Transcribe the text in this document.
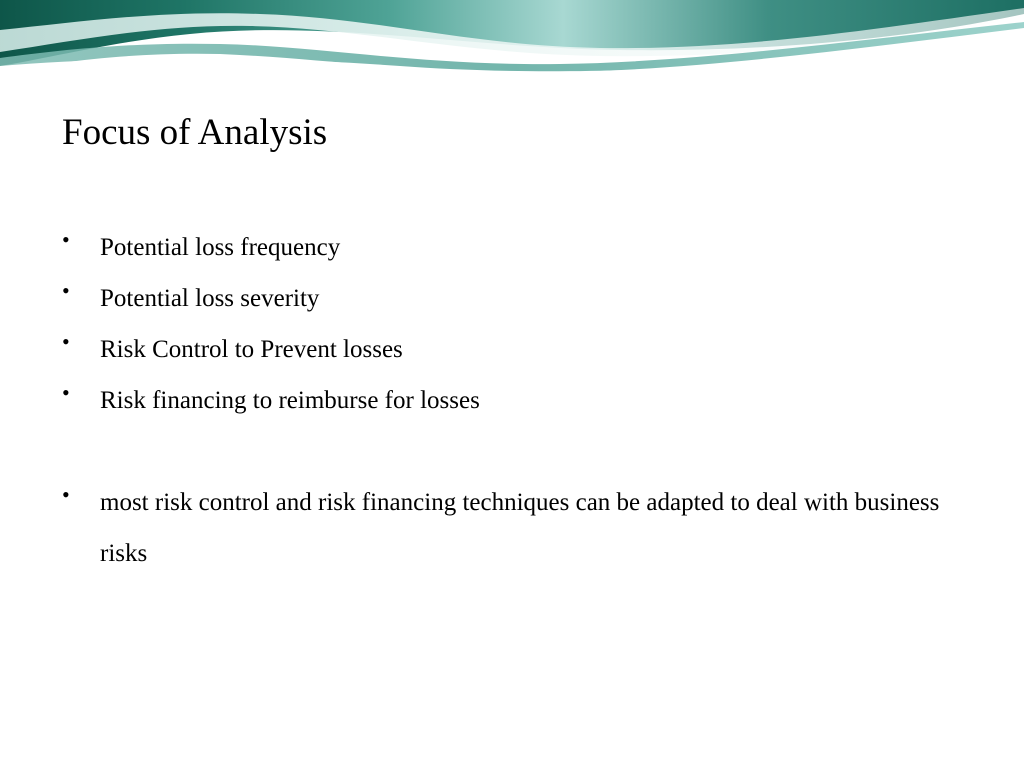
Focus of Analysis
• Potential loss frequency
• Potential loss severity
• Risk Control to Prevent losses
• Risk financing to reimburse for losses
• most risk control and risk financing techniques can be adapted to deal with business risks
